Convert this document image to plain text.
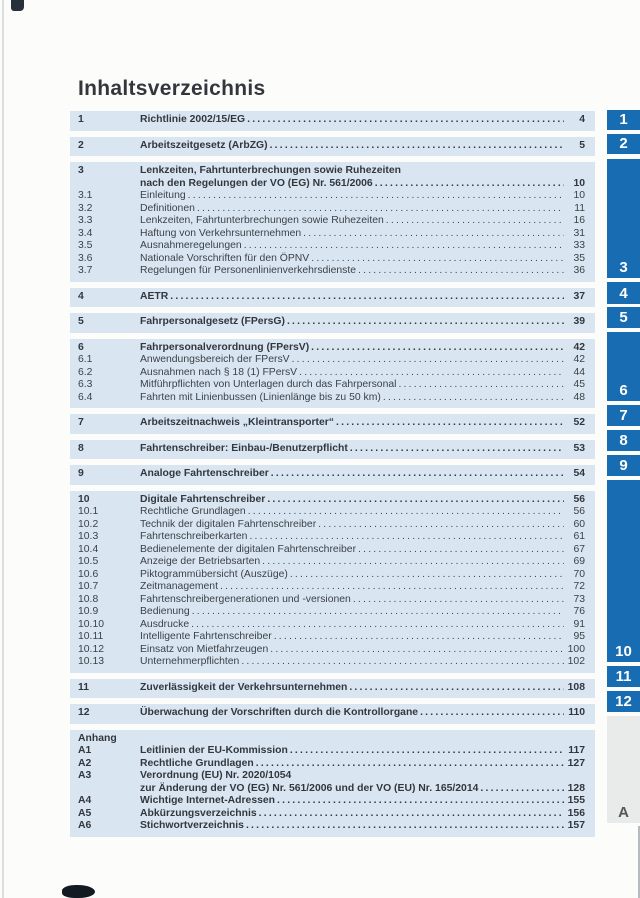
Inhaltsverzeichnis
1	Richtlinie 2002/15/EG .....	4
2	Arbeitszeitgesetz (ArbZG) .....	5
3	Lenkzeiten, Fahrtunterbrechungen sowie Ruhezeiten
nach den Regelungen der VO (EG) Nr. 561/2006 .....	10
3.1	Einleitung .....	10
3.2	Definitionen .....	11
3.3	Lenkzeiten, Fahrtunterbrechungen sowie Ruhezeiten .....	16
3.4	Haftung von Verkehrsunternehmen .....	31
3.5	Ausnahmeregelungen .....	33
3.6	Nationale Vorschriften für den ÖPNV .....	35
3.7	Regelungen für Personenlinienverkehrsdienste .....	36
4	AETR .....	37
5	Fahrpersonalgesetz (FPersG) .....	39
6	Fahrpersonalverordnung (FPersV) .....	42
6.1	Anwendungsbereich der FPersV .....	42
6.2	Ausnahmen nach § 18 (1) FPersV .....	44
6.3	Mitführpflichten von Unterlagen durch das Fahrpersonal .....	45
6.4	Fahrten mit Linienbussen (Linienlänge bis zu 50 km) .....	48
7	Arbeitszeitnachweis „Kleintransporter“ .....	52
8	Fahrtenschreiber: Einbau-/Benutzerpflicht .....	53
9	Analoge Fahrtenschreiber .....	54
10	Digitale Fahrtenschreiber .....	56
10.1	Rechtliche Grundlagen .....	56
10.2	Technik der digitalen Fahrtenschreiber .....	60
10.3	Fahrtenschreiberkarten .....	61
10.4	Bedienelemente der digitalen Fahrtenschreiber .....	67
10.5	Anzeige der Betriebsarten .....	69
10.6	Piktogrammübersicht (Auszüge) .....	70
10.7	Zeitmanagement .....	72
10.8	Fahrtenschreibergenerationen und -versionen .....	73
10.9	Bedienung .....	76
10.10	Ausdrucke .....	91
10.11	Intelligente Fahrtenschreiber .....	95
10.12	Einsatz von Mietfahrzeugen .....	100
10.13	Unternehmerpflichten .....	102
11	Zuverlässigkeit der Verkehrsunternehmen .....	108
12	Überwachung der Vorschriften durch die Kontrollorgane .....	110
Anhang
A1	Leitlinien der EU-Kommission .....	117
A2	Rechtliche Grundlagen .....	127
A3	Verordnung (EU) Nr. 2020/1054
zur Änderung der VO (EG) Nr. 561/2006 und der VO (EU) Nr. 165/2014 .....	128
A4	Wichtige Internet-Adressen .....	155
A5	Abkürzungsverzeichnis .....	156
A6	Stichwortverzeichnis .....	157
1
2
3
4
5
6
7
8
9
10
11
12
A
